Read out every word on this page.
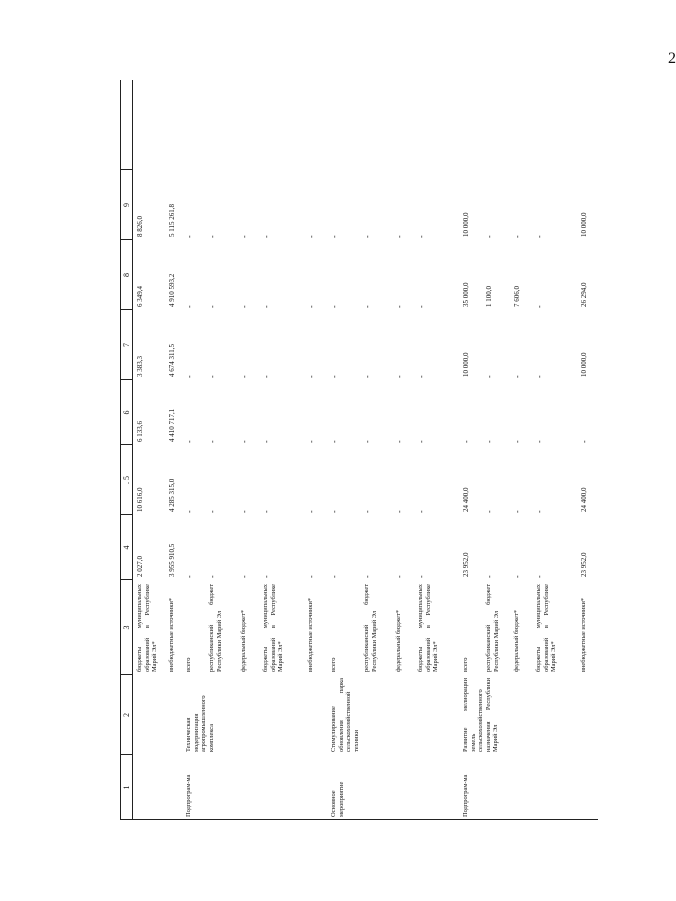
2
1
2
3
4
. 5
6
7
8
9
бюджеты муниципальных образований в Республике Марий Эл*
2 027,0
10 616,0
6 133,6
3 383,3
6 349,4
8 826,0
внебюджетные источники*
3 955 910,5
4 285 315,0
4 410 717,1
4 674 311,5
4 910 593,2
5 115 261,8
Подпрограм-ма
Техническая модернизация агропромышленного комплекса
всего
-
-
-
-
-
-
республиканский бюджет Республики Марий Эл
-
-
-
-
-
-
федеральный бюджет*
-
-
-
-
-
-
бюджеты муниципальных образований в Республике Марий Эл*
-
-
-
-
-
-
внебюджетные источники*
-
-
-
-
-
-
Основное мероприятие
Стимулирование обновления парка сельскохозяйственной техники
всего
-
-
-
-
-
-
республиканский бюджет Республики Марий Эл
-
-
-
-
-
-
федеральный бюджет*
-
-
-
-
-
-
бюджеты муниципальных образований в Республике Марий Эл*
-
-
-
-
-
-
Подпрограм-ма
Развитие мелиорации земель сельскохозяйственного назначения Республики Марий Эл
всего
23 952,0
24 400,0
-
10 000,0
35 000,0
10 000,0
республиканский бюджет Республики Марий Эл
-
-
-
-
1 100,0
-
федеральный бюджет*
-
-
-
-
7 606,0
-
бюджеты муниципальных образований в Республике Марий Эл*
-
-
-
-
-
-
внебюджетные источники*
23 952,0
24 400,0
-
10 000,0
26 294,0
10 000,0
